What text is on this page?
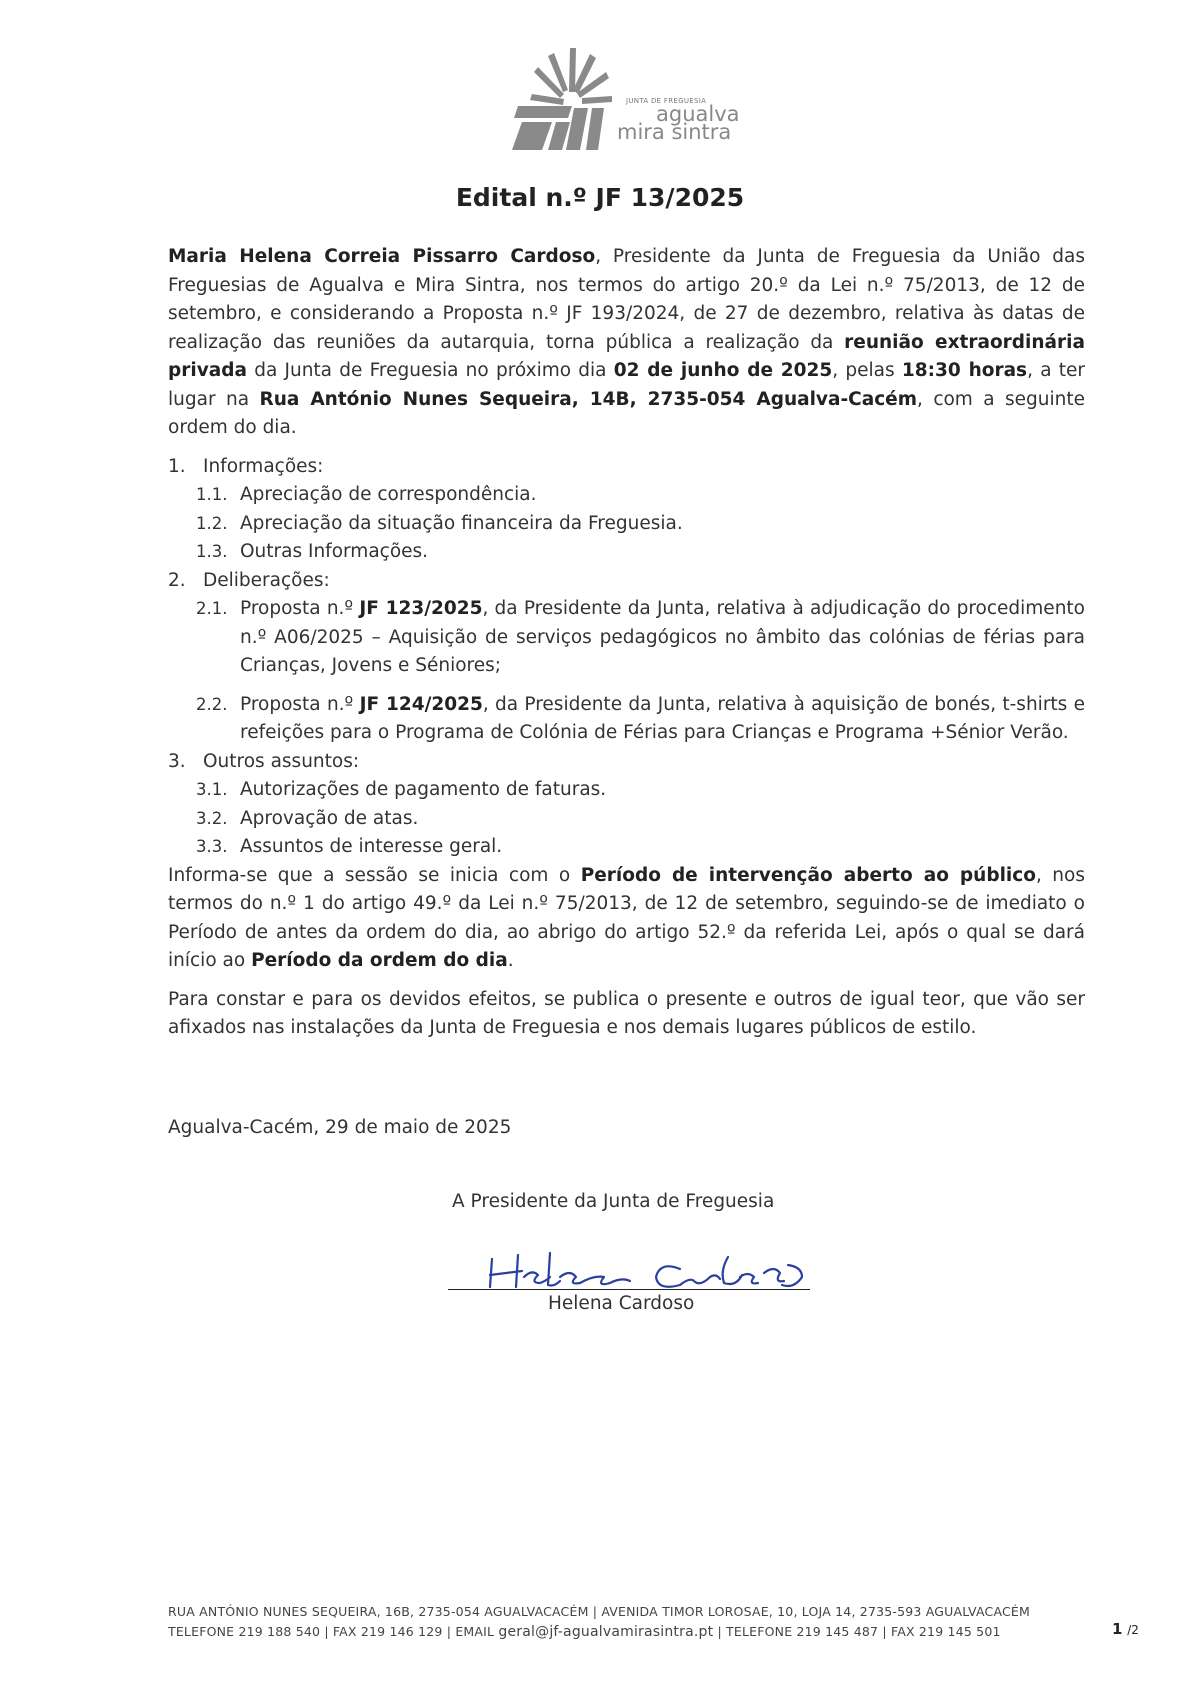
JUNTA DE FREGUESIA
agualva
mira sintra
Edital n.º JF 13/2025

Maria Helena Correia Pissarro Cardoso, Presidente da Junta de Freguesia da União das Freguesias de Agualva e Mira Sintra, nos termos do artigo 20.º da Lei n.º 75/2013, de 12 de setembro, e considerando a Proposta n.º JF 193/2024, de 27 de dezembro, relativa às datas de realização das reuniões da autarquia, torna pública a realização da reunião extraordinária privada da Junta de Freguesia no próximo dia 02 de junho de 2025, pelas 18:30 horas, a ter lugar na Rua António Nunes Sequeira, 14B, 2735-054 Agualva-Cacém, com a seguinte ordem do dia.

1. Informações:
1.1. Apreciação de correspondência.
1.2. Apreciação da situação financeira da Freguesia.
1.3. Outras Informações.
2. Deliberações:
2.1. Proposta n.º JF 123/2025, da Presidente da Junta, relativa à adjudicação do procedimento n.º A06/2025 – Aquisição de serviços pedagógicos no âmbito das colónias de férias para Crianças, Jovens e Séniores;
2.2. Proposta n.º JF 124/2025, da Presidente da Junta, relativa à aquisição de bonés, t-shirts e refeições para o Programa de Colónia de Férias para Crianças e Programa +Sénior Verão.
3. Outros assuntos:
3.1. Autorizações de pagamento de faturas.
3.2. Aprovação de atas.
3.3. Assuntos de interesse geral.

Informa-se que a sessão se inicia com o Período de intervenção aberto ao público, nos termos do n.º 1 do artigo 49.º da Lei n.º 75/2013, de 12 de setembro, seguindo-se de imediato o Período de antes da ordem do dia, ao abrigo do artigo 52.º da referida Lei, após o qual se dará início ao Período da ordem do dia.

Para constar e para os devidos efeitos, se publica o presente e outros de igual teor, que vão ser afixados nas instalações da Junta de Freguesia e nos demais lugares públicos de estilo.

Agualva-Cacém, 29 de maio de 2025
A Presidente da Junta de Freguesia
Helena Cardoso
RUA ANTÓNIO NUNES SEQUEIRA, 16B, 2735-054 AGUALVACACÉM | AVENIDA TIMOR LOROSAE, 10, LOJA 14, 2735-593 AGUALVACACÉM
TELEFONE 219 188 540 | FAX 219 146 129 | EMAIL geral@jf-agualvamirasintra.pt | TELEFONE 219 145 487 | FAX 219 145 501	1 /2
